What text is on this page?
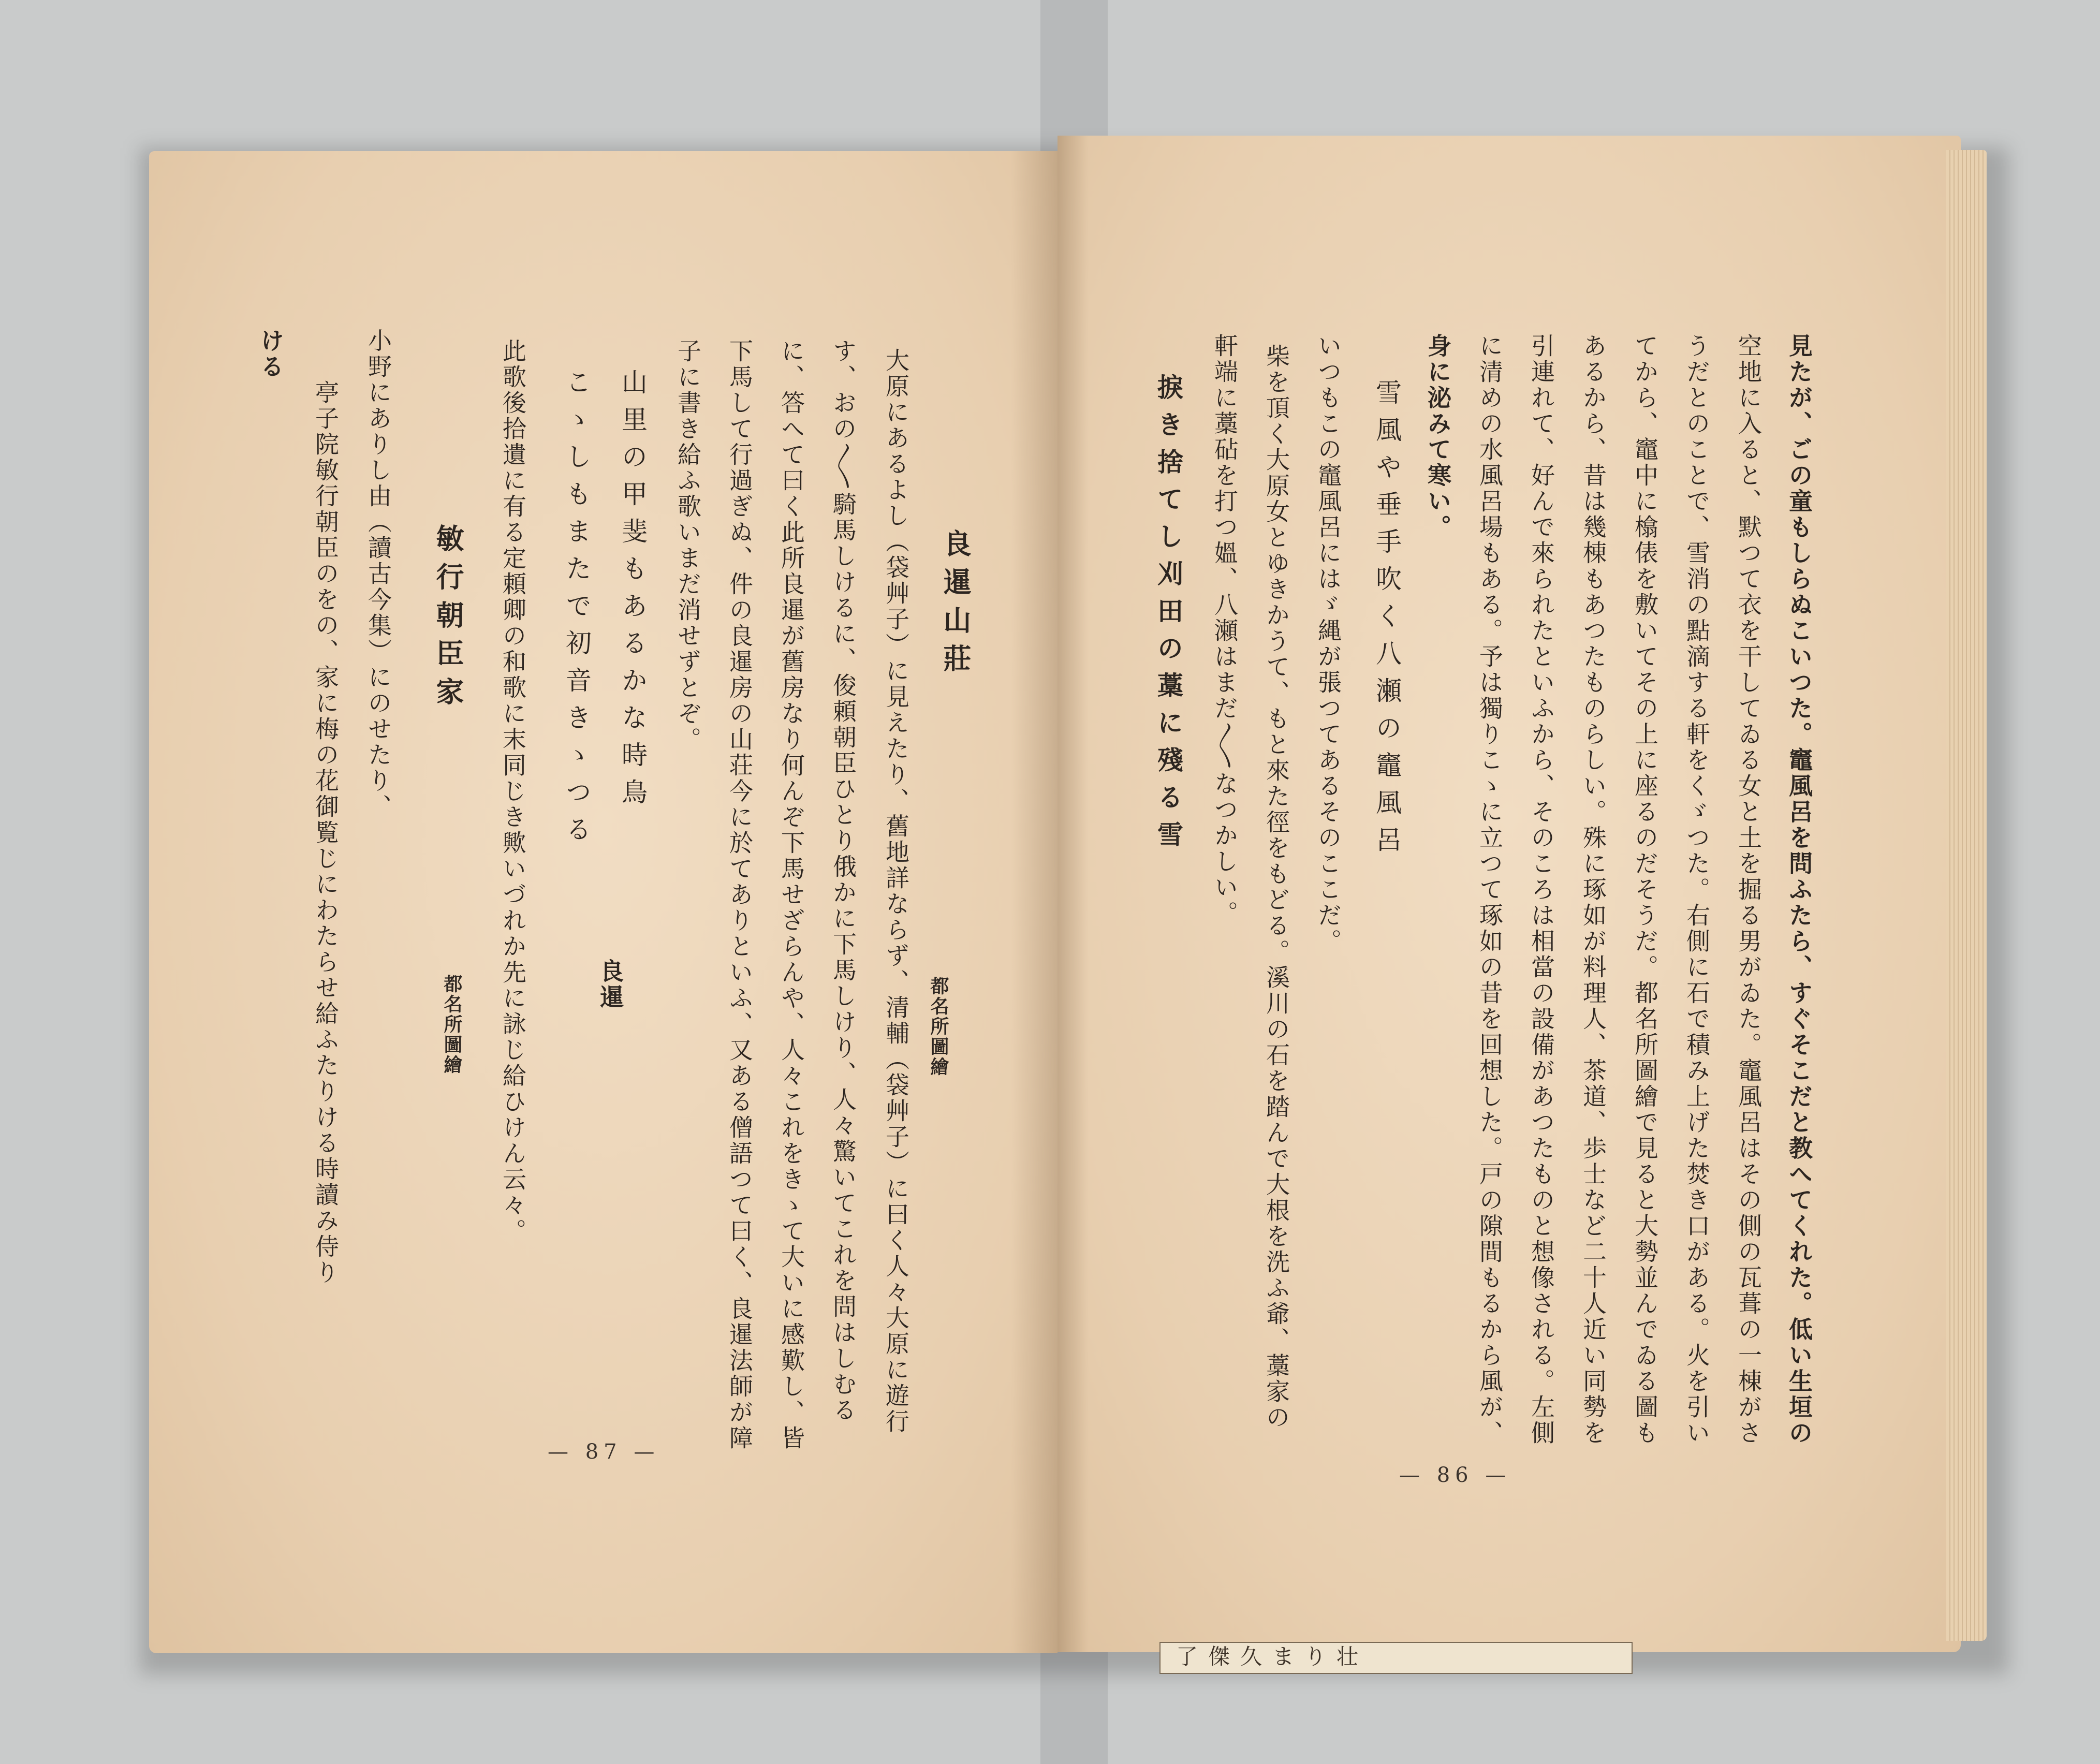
良暹山莊
都名所圖繪
大原にあるよし（袋艸子）に見えたり、舊地詳ならず、清輔（袋艸子）に曰く人々大原に遊行
す、おの〳〵騎馬しけるに、俊頼朝臣ひとり俄かに下馬しけり、人々驚いてこれを問はしむる
に、答へて曰く此所良暹が舊房なり何んぞ下馬せざらんや、人々これをきゝて大いに感歎し、皆
下馬して行過ぎぬ、件の良暹房の山荘今に於てありといふ、又ある僧語つて曰く、良暹法師が障
子に書き給ふ歌いまだ消せずとぞ。
山里の甲斐もあるかな時鳥
こゝしもまたで初音きゝつる
良暹
此歌後拾遺に有る定頼卿の和歌に末同じき歟いづれか先に詠じ給ひけん云々。
敏行朝臣家
都名所圖繪
小野にありし由（讀古今集）にのせたり、
亭子院敏行朝臣のをの、家に梅の花御覧じにわたらせ給ふたりける時讀み侍り
ける
— 87 —
見たが、ごの童もしらぬこいつた。竈風呂を問ふたら、すぐそこだと教へてくれた。低い生垣の
空地に入ると、默つて衣を干してゐる女と土を掘る男がゐた。竈風呂はその側の瓦葺の一棟がさ
うだとのことで、雪消の點滴する軒をくゞつた。右側に石で積み上げた焚き口がある。火を引い
てから、竈中に㯓俵を敷いてその上に座るのだそうだ。都名所圖繪で見ると大勢並んでゐる圖も
あるから、昔は幾棟もあつたものらしい。殊に琢如が料理人、茶道、歩士など二十人近い同勢を
引連れて、好んで來られたといふから、そのころは相當の設備があつたものと想像される。左側
に清めの水風呂場もある。予は獨りこゝに立つて琢如の昔を回想した。戸の隙間もるから風が、
身に泌みて寒い。
雪風や垂手吹く八瀬の竈風呂
いつもこの竈風呂にはゞ縄が張つてあるそのここだ。
柴を頂く大原女とゆきかうて、もと來た徑をもどる。溪川の石を踏んで大根を洗ふ爺、藁家の
軒端に藁砧を打つ媼、八瀬はまだ〳〵なつかしい。
捩き捨てし刈田の藁に殘る雪
— 86 —
了傑久まり壮
